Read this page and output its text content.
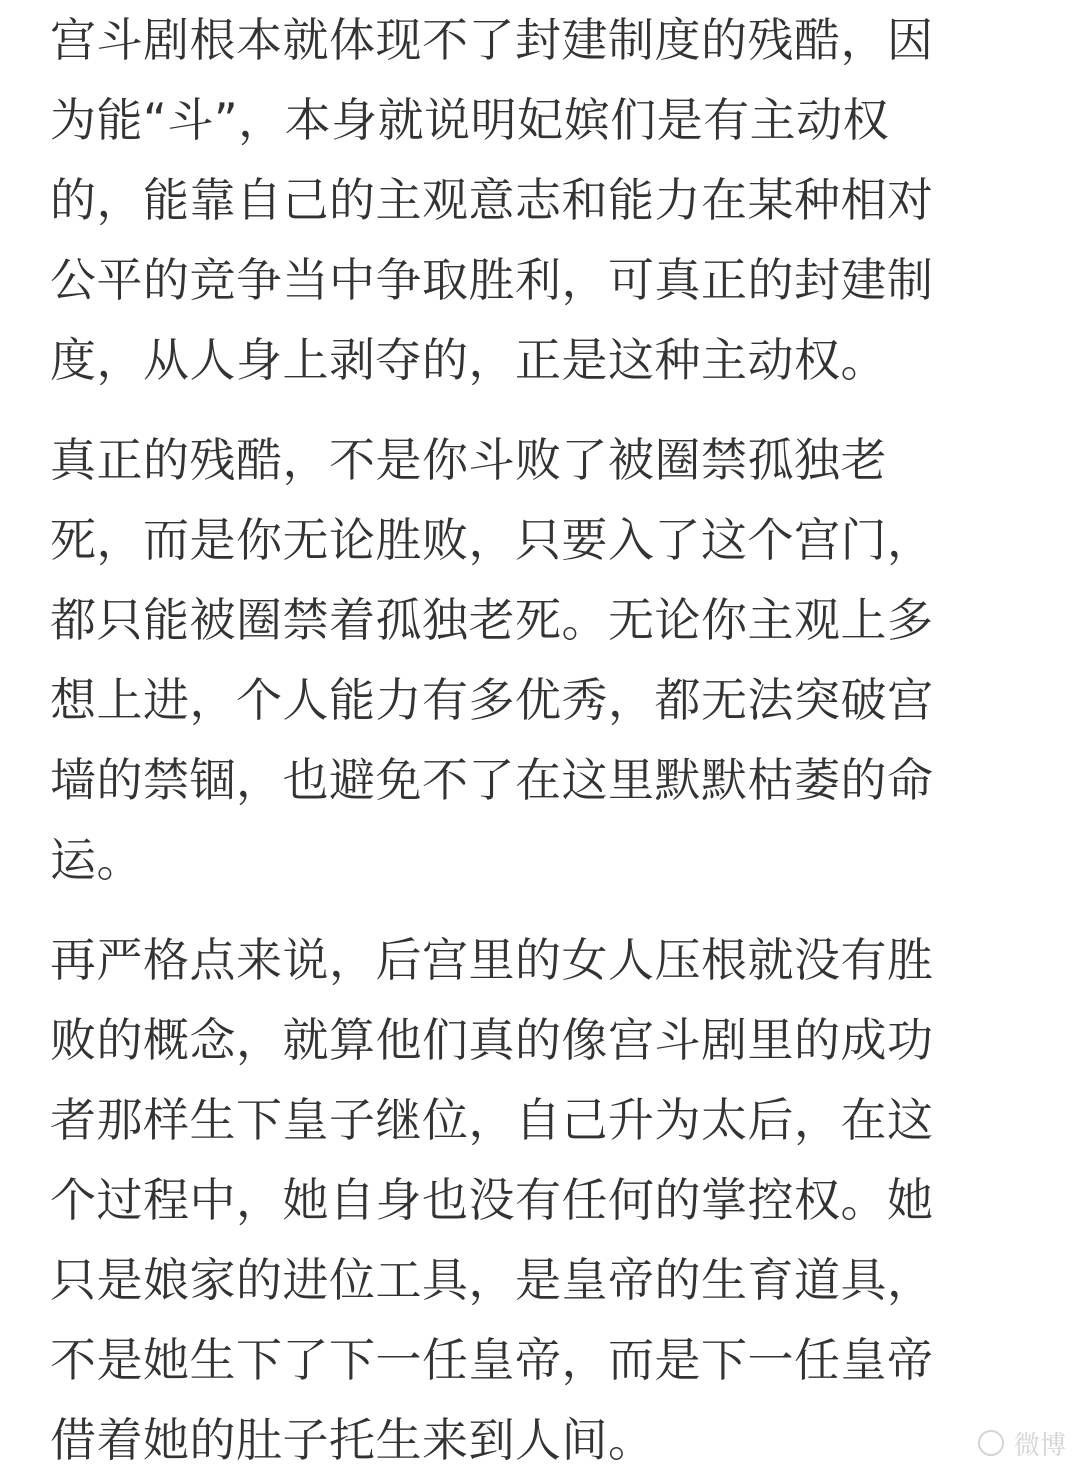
宫斗剧根本就体现不了封建制度的残酷，因
为能“斗”，本身就说明妃嫔们是有主动权
的，能靠自己的主观意志和能力在某种相对
公平的竞争当中争取胜利，可真正的封建制
度，从人身上剥夺的，正是这种主动权。
真正的残酷，不是你斗败了被圈禁孤独老
死，而是你无论胜败，只要入了这个宫门，
都只能被圈禁着孤独老死。无论你主观上多
想上进，个人能力有多优秀，都无法突破宫
墙的禁锢，也避免不了在这里默默枯萎的命
运。
再严格点来说，后宫里的女人压根就没有胜
败的概念，就算他们真的像宫斗剧里的成功
者那样生下皇子继位，自己升为太后，在这
个过程中，她自身也没有任何的掌控权。她
只是娘家的进位工具，是皇帝的生育道具，
不是她生下了下一任皇帝，而是下一任皇帝
借着她的肚子托生来到人间。	微博
